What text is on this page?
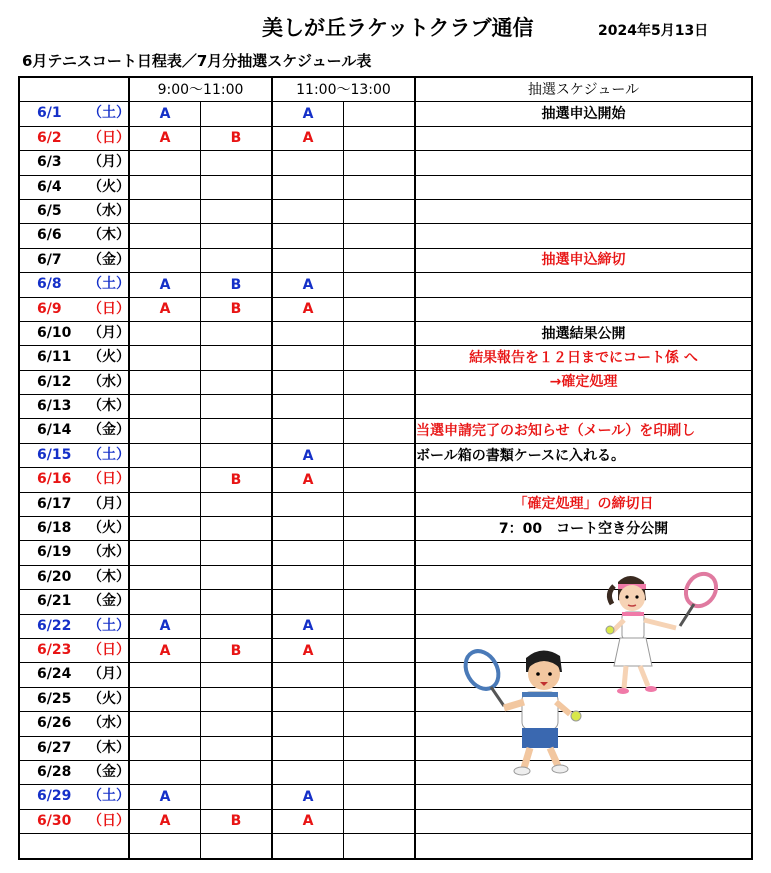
美しが丘ラケットクラブ通信	2024年5月13日
6月テニスコート日程表／7月分抽選スケジュール表
	9:00〜11:00		11:00〜13:00		抽選スケジュール

6/1 （土）	A		A		抽選申込開始

6/2 （日）	A	B	A		

6/3 （月）					

6/4 （火）					

6/5 （水）					

6/6 （木）					

6/7 （金）					抽選申込締切

6/8 （土）	A	B	A		

6/9 （日）	A	B	A		

6/10 （月）					抽選結果公開

6/11 （火）					結果報告を１２日までにコート係 へ

6/12 （水）					→確定処理

6/13 （木）					

6/14 （金）					当選申請完了のお知らせ（メール）を印刷し

6/15 （土）			A		ボール箱の書類ケースに入れる。

6/16 （日）		B	A		

6/17 （月）					「確定処理」の締切日

6/18 （火）					7：00　コート空き分公開

6/19 （水）					

6/20 （木）					

6/21 （金）					

6/22 （土）	A		A		

6/23 （日）	A	B	A		

6/24 （月）					

6/25 （火）					

6/26 （水）					

6/27 （木）					

6/28 （金）					

6/29 （土）	A		A		

6/30 （日）	A	B	A		
